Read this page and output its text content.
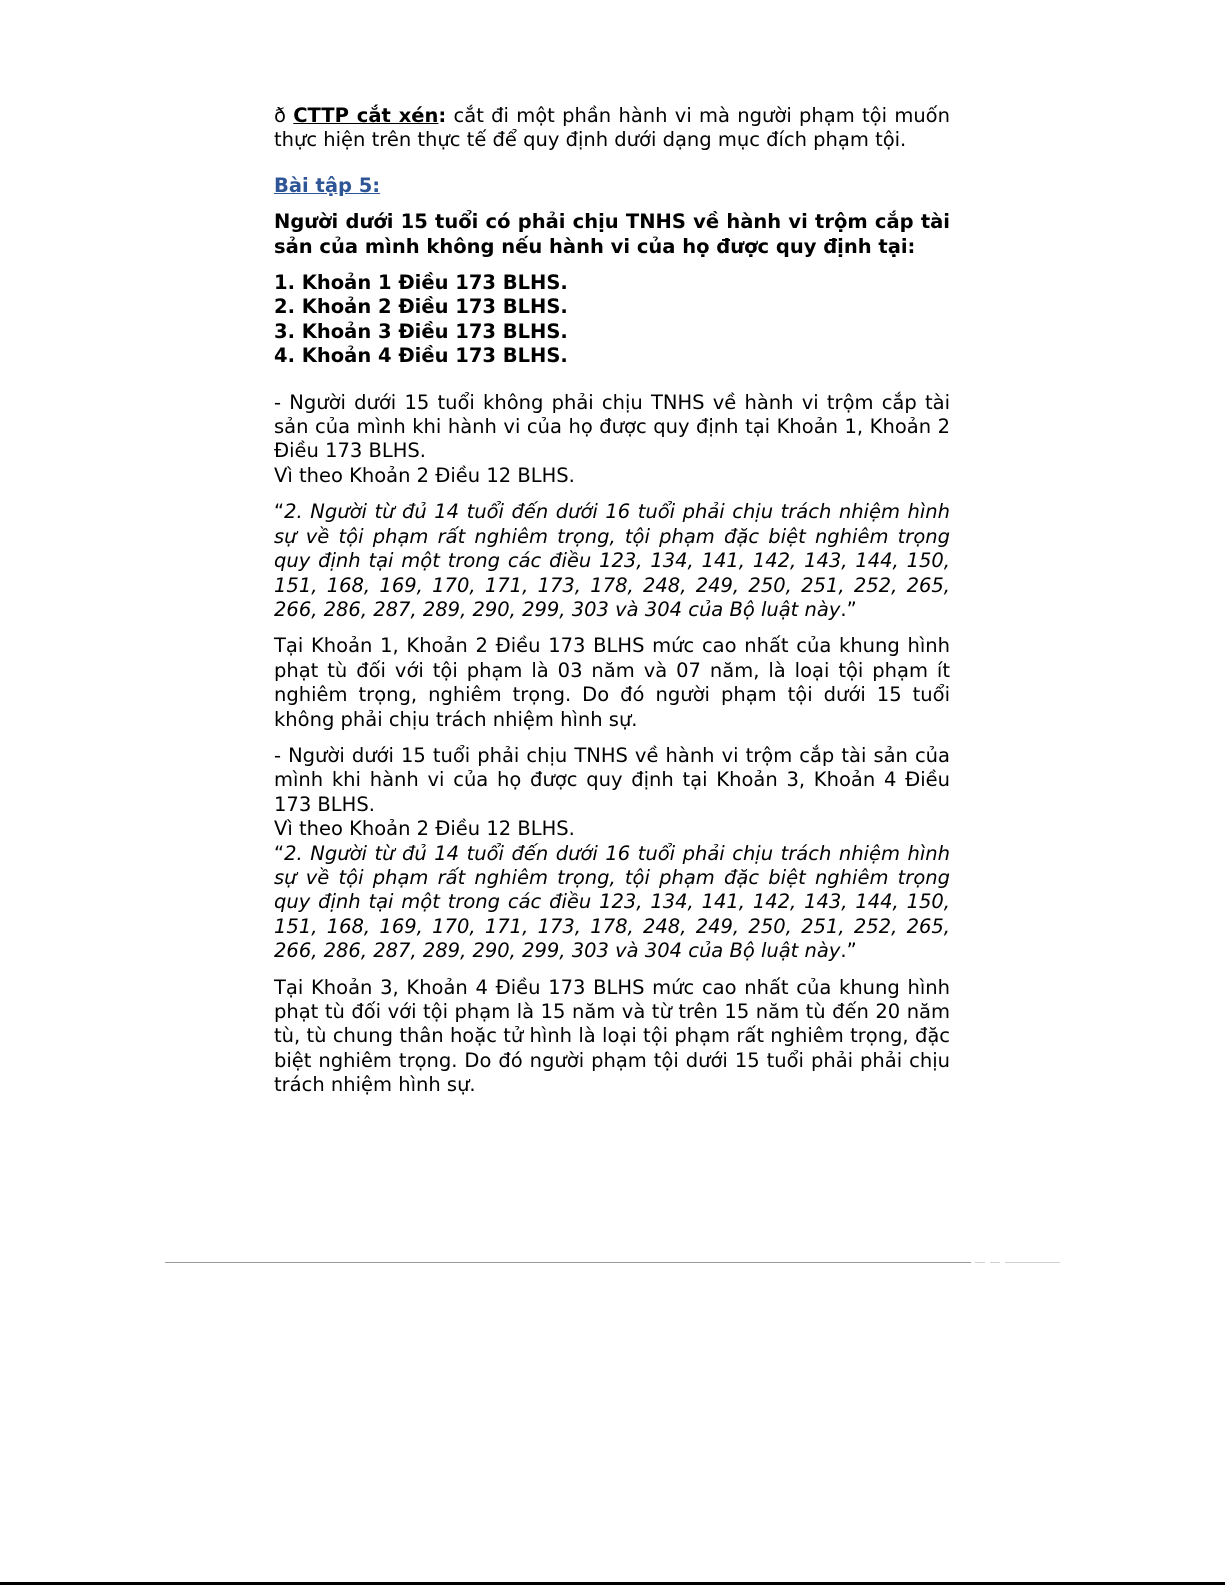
ð CTTP cắt xén: cắt đi một phần hành vi mà người phạm tội muốn thực hiện trên thực tế để quy định dưới dạng mục đích phạm tội.

Bài tập 5:

Người dưới 15 tuổi có phải chịu TNHS về hành vi trộm cắp tài sản của mình không nếu hành vi của họ được quy định tại:

1. Khoản 1 Điều 173 BLHS.

2. Khoản 2 Điều 173 BLHS.

3. Khoản 3 Điều 173 BLHS.

4. Khoản 4 Điều 173 BLHS.

- Người dưới 15 tuổi không phải chịu TNHS về hành vi trộm cắp tài sản của mình khi hành vi của họ được quy định tại Khoản 1, Khoản 2 Điều 173 BLHS.

Vì theo Khoản 2 Điều 12 BLHS.

“2. Người từ đủ 14 tuổi đến dưới 16 tuổi phải chịu trách nhiệm hình sự về tội phạm rất nghiêm trọng, tội phạm đặc biệt nghiêm trọng quy định tại một trong các điều 123, 134, 141, 142, 143, 144, 150, 151, 168, 169, 170, 171, 173, 178, 248, 249, 250, 251, 252, 265, 266, 286, 287, 289, 290, 299, 303 và 304 của Bộ luật này.”

Tại Khoản 1, Khoản 2 Điều 173 BLHS mức cao nhất của khung hình phạt tù đối với tội phạm là 03 năm và 07 năm, là loại tội phạm ít nghiêm trọng, nghiêm trọng. Do đó người phạm tội dưới 15 tuổi không phải chịu trách nhiệm hình sự.

- Người dưới 15 tuổi phải chịu TNHS về hành vi trộm cắp tài sản của mình khi hành vi của họ được quy định tại Khoản 3, Khoản 4 Điều 173 BLHS.

Vì theo Khoản 2 Điều 12 BLHS.

“2. Người từ đủ 14 tuổi đến dưới 16 tuổi phải chịu trách nhiệm hình sự về tội phạm rất nghiêm trọng, tội phạm đặc biệt nghiêm trọng quy định tại một trong các điều 123, 134, 141, 142, 143, 144, 150, 151, 168, 169, 170, 171, 173, 178, 248, 249, 250, 251, 252, 265, 266, 286, 287, 289, 290, 299, 303 và 304 của Bộ luật này.”

Tại Khoản 3, Khoản 4 Điều 173 BLHS mức cao nhất của khung hình phạt tù đối với tội phạm là 15 năm và từ trên 15 năm tù đến 20 năm tù, tù chung thân hoặc tử hình là loại tội phạm rất nghiêm trọng, đặc biệt nghiêm trọng. Do đó người phạm tội dưới 15 tuổi phải phải chịu trách nhiệm hình sự.
